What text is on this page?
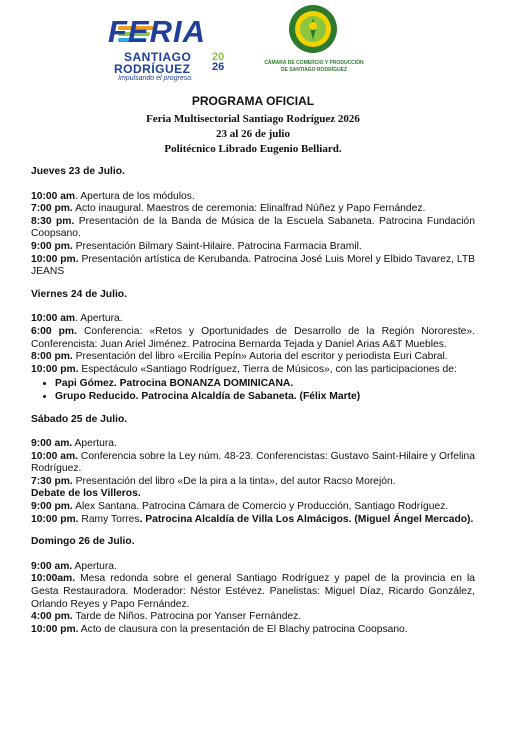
FERIA
SANTIAGO
RODRÍGUEZ
20
26
Impulsando el progreso.
CÁMARA DE COMERCIO Y PRODUCCIÓN
DE SANTIAGO RODRÍGUEZ
PROGRAMA OFICIAL
Feria Multisectorial Santiago Rodríguez 2026
23 al 26 de julio
Politécnico Librado Eugenio Belliard.

Jueves 23 de Julio.

10:00 am. Apertura de los módulos.

7:00 pm. Acto inaugural. Maestros de ceremonia: Elinalfrad Núñez y Papo Fernández.

8:30 pm. Presentación de la Banda de Música de la Escuela Sabaneta. Patrocina Fundación Coopsano.

9:00 pm. Presentación Bilmary Saint-Hilaire. Patrocina Farmacia Bramil.

10:00 pm. Presentación artística de Kerubanda. Patrocina José Luis Morel y Elbido Tavarez, LTB JEANS

Viernes 24 de Julio.

10:00 am. Apertura.

6:00 pm. Conferencia: «Retos y Oportunidades de Desarrollo de la Región Nororeste». Conferencista: Juan Ariel Jiménez. Patrocina Bernarda Tejada y Daniel Arias A&T Muebles.

8:00 pm. Presentación del libro «Ercilia Pepín» Autoria del escritor y periodista Euri Cabral.

10:00 pm. Espectáculo «Santiago Rodríguez, Tierra de Músicos», con las participaciones de:

• Papi Gómez. Patrocina BONANZA DOMINICANA.
• Grupo Reducido. Patrocina Alcaldía de Sabaneta. (Félix Marte)

Sábado 25 de Julio.

9:00 am. Apertura.

10:00 am. Conferencia sobre la Ley núm. 48-23. Conferencistas: Gustavo Saint-Hilaire y Orfelina Rodríguez.

7:30 pm. Presentación del libro «De la pira a la tinta», del autor Racso Morejón.

Debate de los Villeros.

9:00 pm. Alex Santana. Patrocina Cámara de Comercio y Producción, Santiago Rodríguez.

10:00 pm. Ramy Torres. Patrocina Alcaldía de Villa Los Almácigos. (Miguel Ángel Mercado).

Domingo 26 de Julio.

9:00 am. Apertura.

10:00am. Mesa redonda sobre el general Santiago Rodríguez y papel de la provincia en la Gesta Restauradora. Moderador: Néstor Estévez. Panelistas: Miguel Díaz, Ricardo González, Orlando Reyes y Papo Fernández.

4:00 pm. Tarde de Niños. Patrocina por Yanser Fernández.

10:00 pm. Acto de clausura con la presentación de El Blachy patrocina Coopsano.
